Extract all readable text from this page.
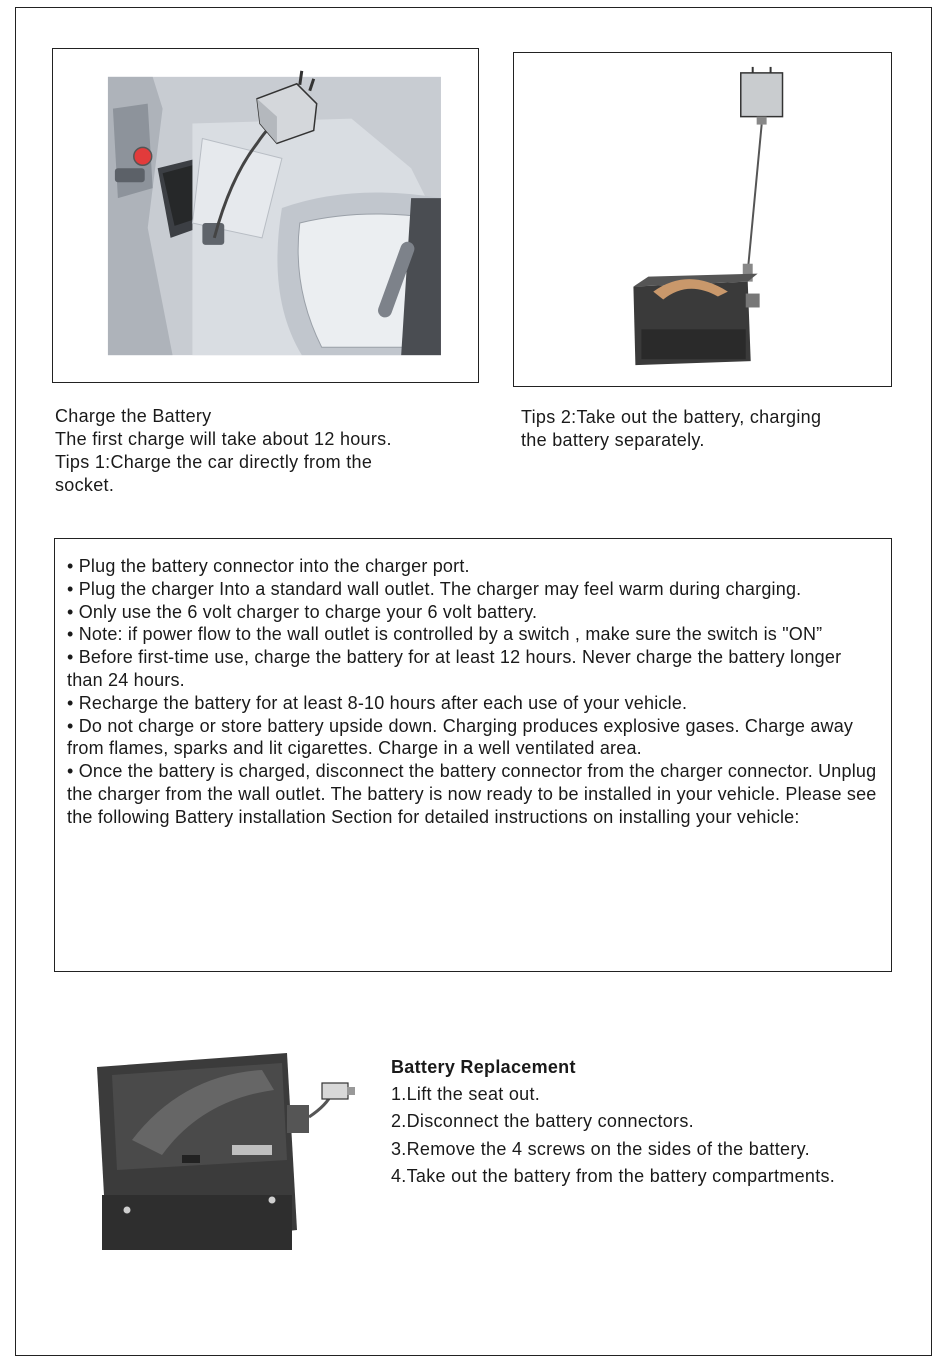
Charge the Battery
The first charge will take about 12 hours.
Tips 1:Charge the car directly from the
socket.
Tips 2:Take out the battery, charging
the battery separately.

• Plug the battery connector into the charger port.

• Plug the charger Into a standard wall outlet. The charger may feel warm during charging.

• Only use the 6 volt charger to charge your 6 volt battery.

• Note: if power flow to the wall outlet is controlled by a switch , make sure the switch is "ON”

• Before first-time use, charge the battery for at least 12 hours. Never charge the battery longer than 24 hours.

• Recharge the battery for at least 8-10 hours after each use of your vehicle.

• Do not charge or store battery upside down. Charging produces explosive gases. Charge away from flames, sparks and lit cigarettes. Charge in a well ventilated area.

• Once the battery is charged, disconnect the battery connector from the charger connector. Unplug the charger from the wall outlet. The battery is now ready to be installed in your vehicle. Please see the following Battery installation Section for detailed instructions on installing your vehicle:

Battery Replacement
1.Lift the seat out.
2.Disconnect the battery connectors.
3.Remove the 4 screws on the sides of the battery.
4.Take out the battery from the battery compartments.
